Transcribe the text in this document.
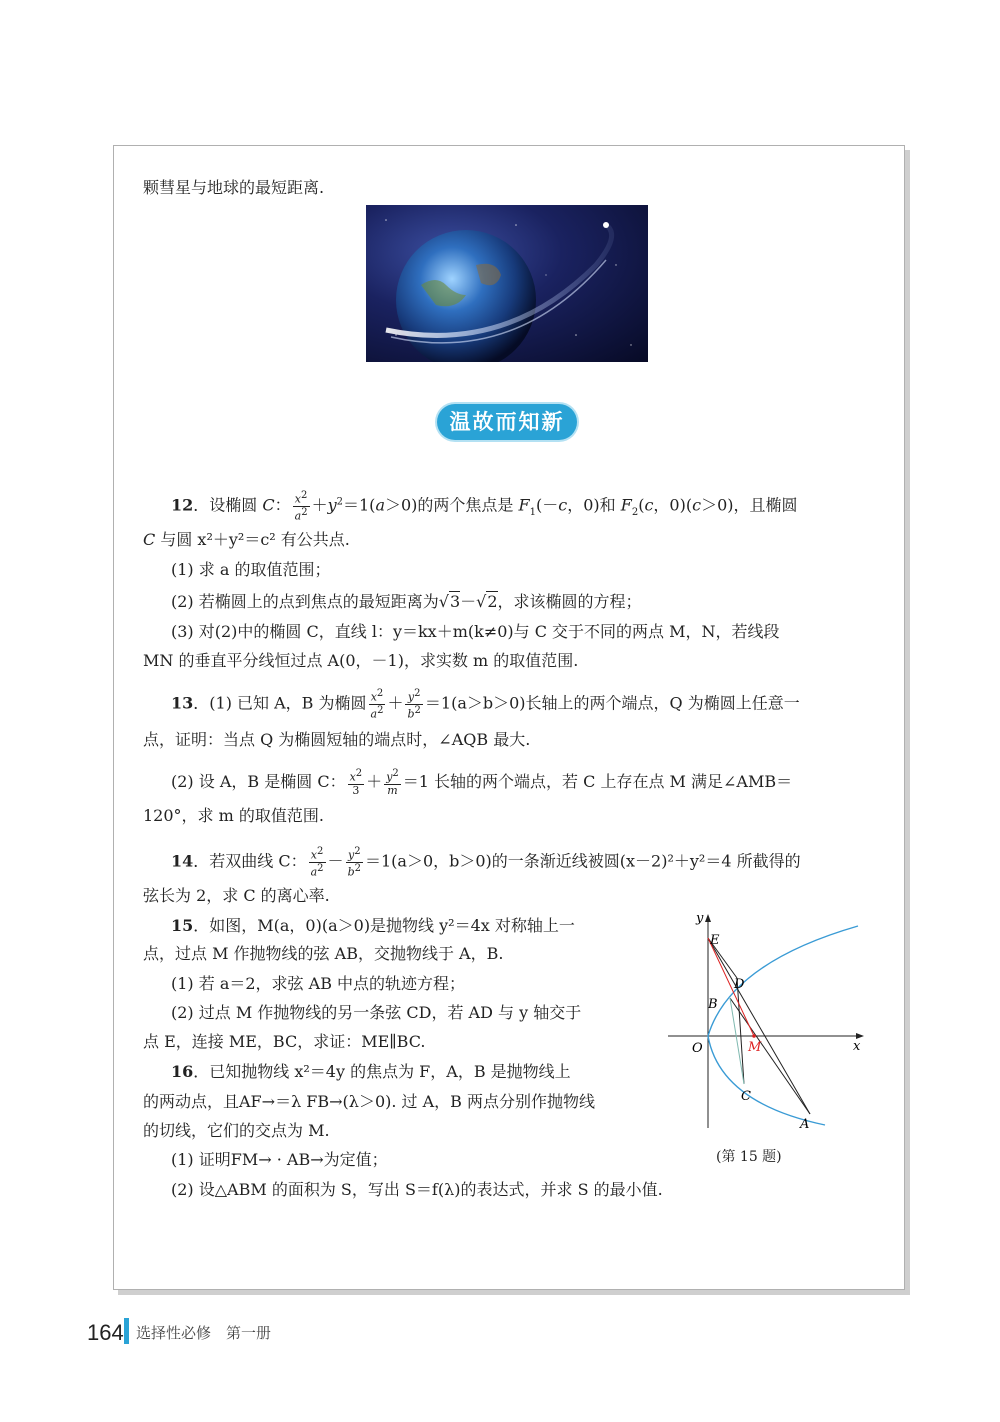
颗彗星与地球的最短距离.
温故而知新
12．设椭圆 C： $\frac{x^2}{a^2} +y^2=1(a>0)$的两个焦点是 $F_1(-c$，0)和 $F_2(c$，0)(c＞0)，且椭圆
C 与圆 x²＋y²＝c² 有公共点.
(1) 求 a 的取值范围；
(2) 若椭圆上的点到焦点的最短距离为√3－√2，求该椭圆的方程；
(3) 对(2)中的椭圆 C，直线 l：y＝kx＋m(k≠0)与 C 交于不同的两点 M，N，若线段
MN 的垂直平分线恒过点 A(0，－1)，求实数 m 的取值范围.
13．(1) 已知 A，B 为椭圆 $\frac{x^2}{a^2} + \frac{y^2}{b^2} =1(a>b>0)$长轴上的两个端点，Q 为椭圆上任意一
点，证明：当点 Q 为椭圆短轴的端点时，∠AQB 最大.
(2) 设 A，B 是椭圆 C： $\frac{x^2}{3} + \frac{y^2}{m} =1$ 长轴的两个端点，若 C 上存在点 M 满足∠AMB＝
120°，求 m 的取值范围.
14．若双曲线 C： $\frac{x^2}{a^2} - \frac{y^2}{b^2} =1(a>0$，b＞0)的一条渐近线被圆(x－2)²＋y²＝4 所截得的
弦长为 2，求 C 的离心率.
15．如图，M(a，0)(a＞0)是抛物线 y²＝4x 对称轴上一
点，过点 M 作抛物线的弦 AB，交抛物线于 A，B.
(1) 若 a＝2，求弦 AB 中点的轨迹方程；
(2) 过点 M 作抛物线的另一条弦 CD，若 AD 与 y 轴交于
点 E，连接 ME，BC，求证：ME∥BC.
16．已知抛物线 x²＝4y 的焦点为 F，A，B 是抛物线上
的两动点，且AF→＝λ FB→(λ＞0). 过 A，B 两点分别作抛物线
的切线，它们的交点为 M.
(1) 证明FM→ · AB→为定值；
(2) 设△ABM 的面积为 S，写出 S＝f(λ)的表达式，并求 S 的最小值.
y
x
O
E
D
B
M
C
A
(第 15 题)
164 选择性必修　第一册
